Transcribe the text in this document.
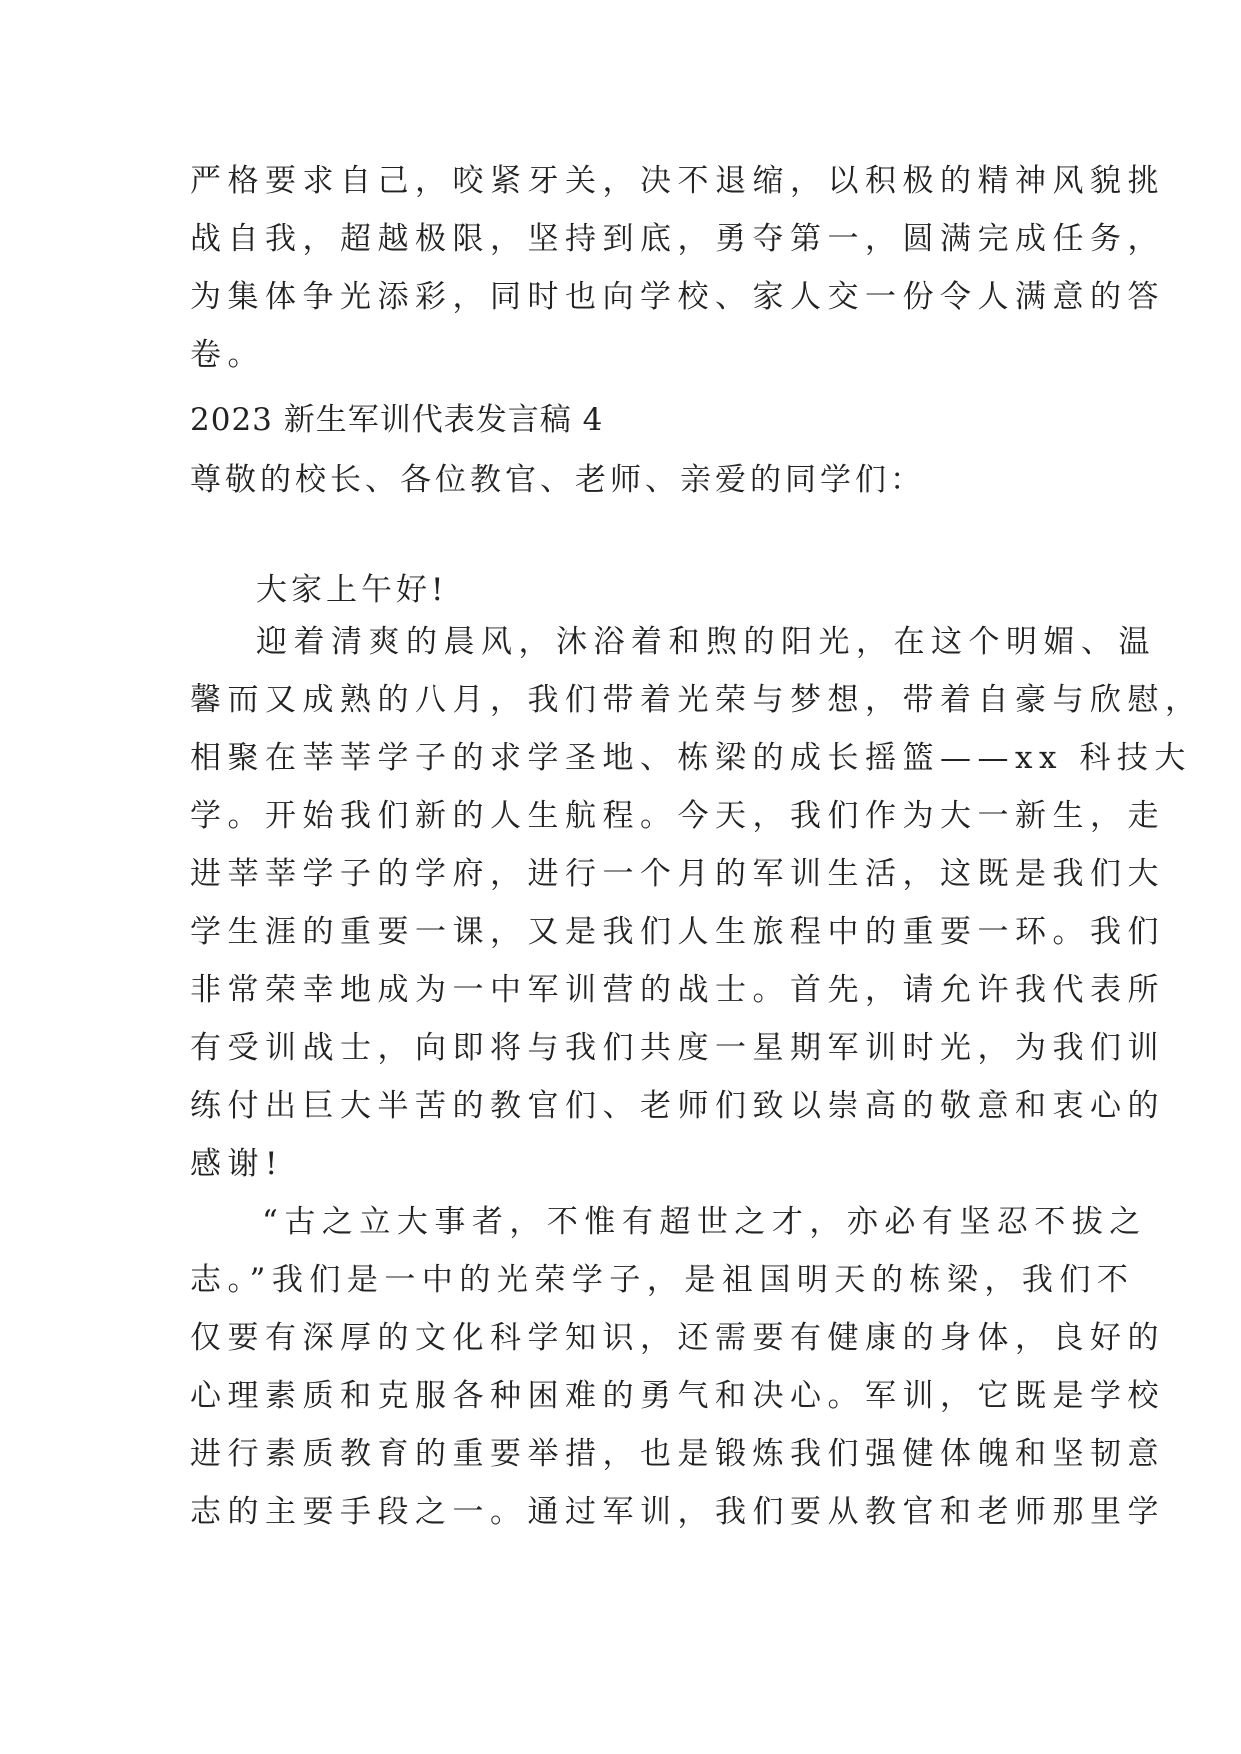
严格要求自己，咬紧牙关，决不退缩，以积极的精神风貌挑
战自我，超越极限，坚持到底，勇夺第一，圆满完成任务，
为集体争光添彩，同时也向学校、家人交一份令人满意的答
卷。
2023 新生军训代表发言稿 4
尊敬的校长、各位教官、老师、亲爱的同学们：
大家上午好!
迎着清爽的晨风，沐浴着和煦的阳光，在这个明媚、温
馨而又成熟的八月，我们带着光荣与梦想，带着自豪与欣慰，
相聚在莘莘学子的求学圣地、栋梁的成长摇篮——xx 科技大
学。开始我们新的人生航程。今天，我们作为大一新生，走
进莘莘学子的学府，进行一个月的军训生活，这既是我们大
学生涯的重要一课，又是我们人生旅程中的重要一环。我们
非常荣幸地成为一中军训营的战士。首先，请允许我代表所
有受训战士，向即将与我们共度一星期军训时光，为我们训
练付出巨大半苦的教官们、老师们致以崇高的敬意和衷心的
感谢!
“古之立大事者，不惟有超世之才，亦必有坚忍不拔之
志。”我们是一中的光荣学子，是祖国明天的栋梁，我们不
仅要有深厚的文化科学知识，还需要有健康的身体，良好的
心理素质和克服各种困难的勇气和决心。军训，它既是学校
进行素质教育的重要举措，也是锻炼我们强健体魄和坚韧意
志的主要手段之一。通过军训，我们要从教官和老师那里学
